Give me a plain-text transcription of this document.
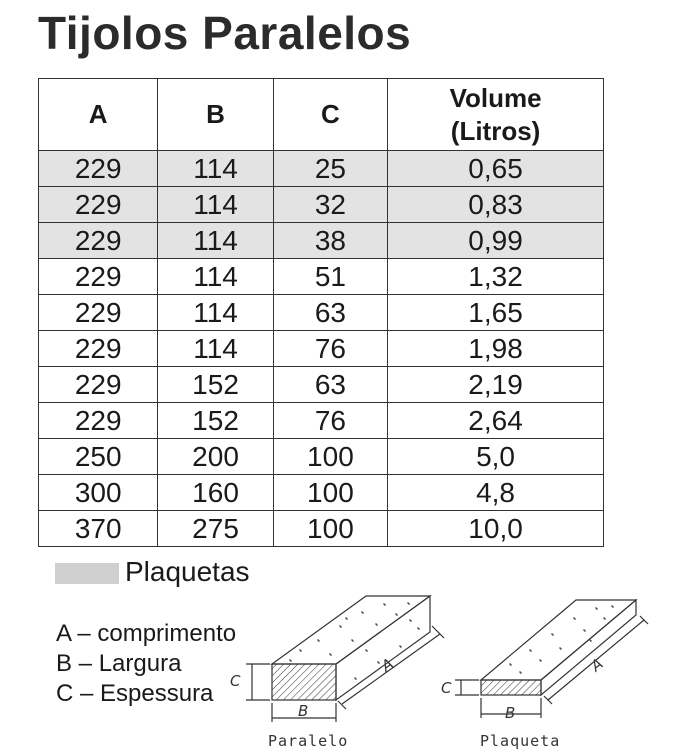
Tijolos Paralelos
A	B	C	Volume
(Litros)

229	114	25	0,65
229	114	32	0,83
229	114	38	0,99
229	114	51	1,32
229	114	63	1,65
229	114	76	1,98
229	152	63	2,19
229	152	76	2,64
250	200	100	5,0
300	160	100	4,8
370	275	100	10,0
Plaquetas
A – comprimento
B – Largura
C – Espessura	C
B
A
C
B
A
Paralelo	Plaqueta
